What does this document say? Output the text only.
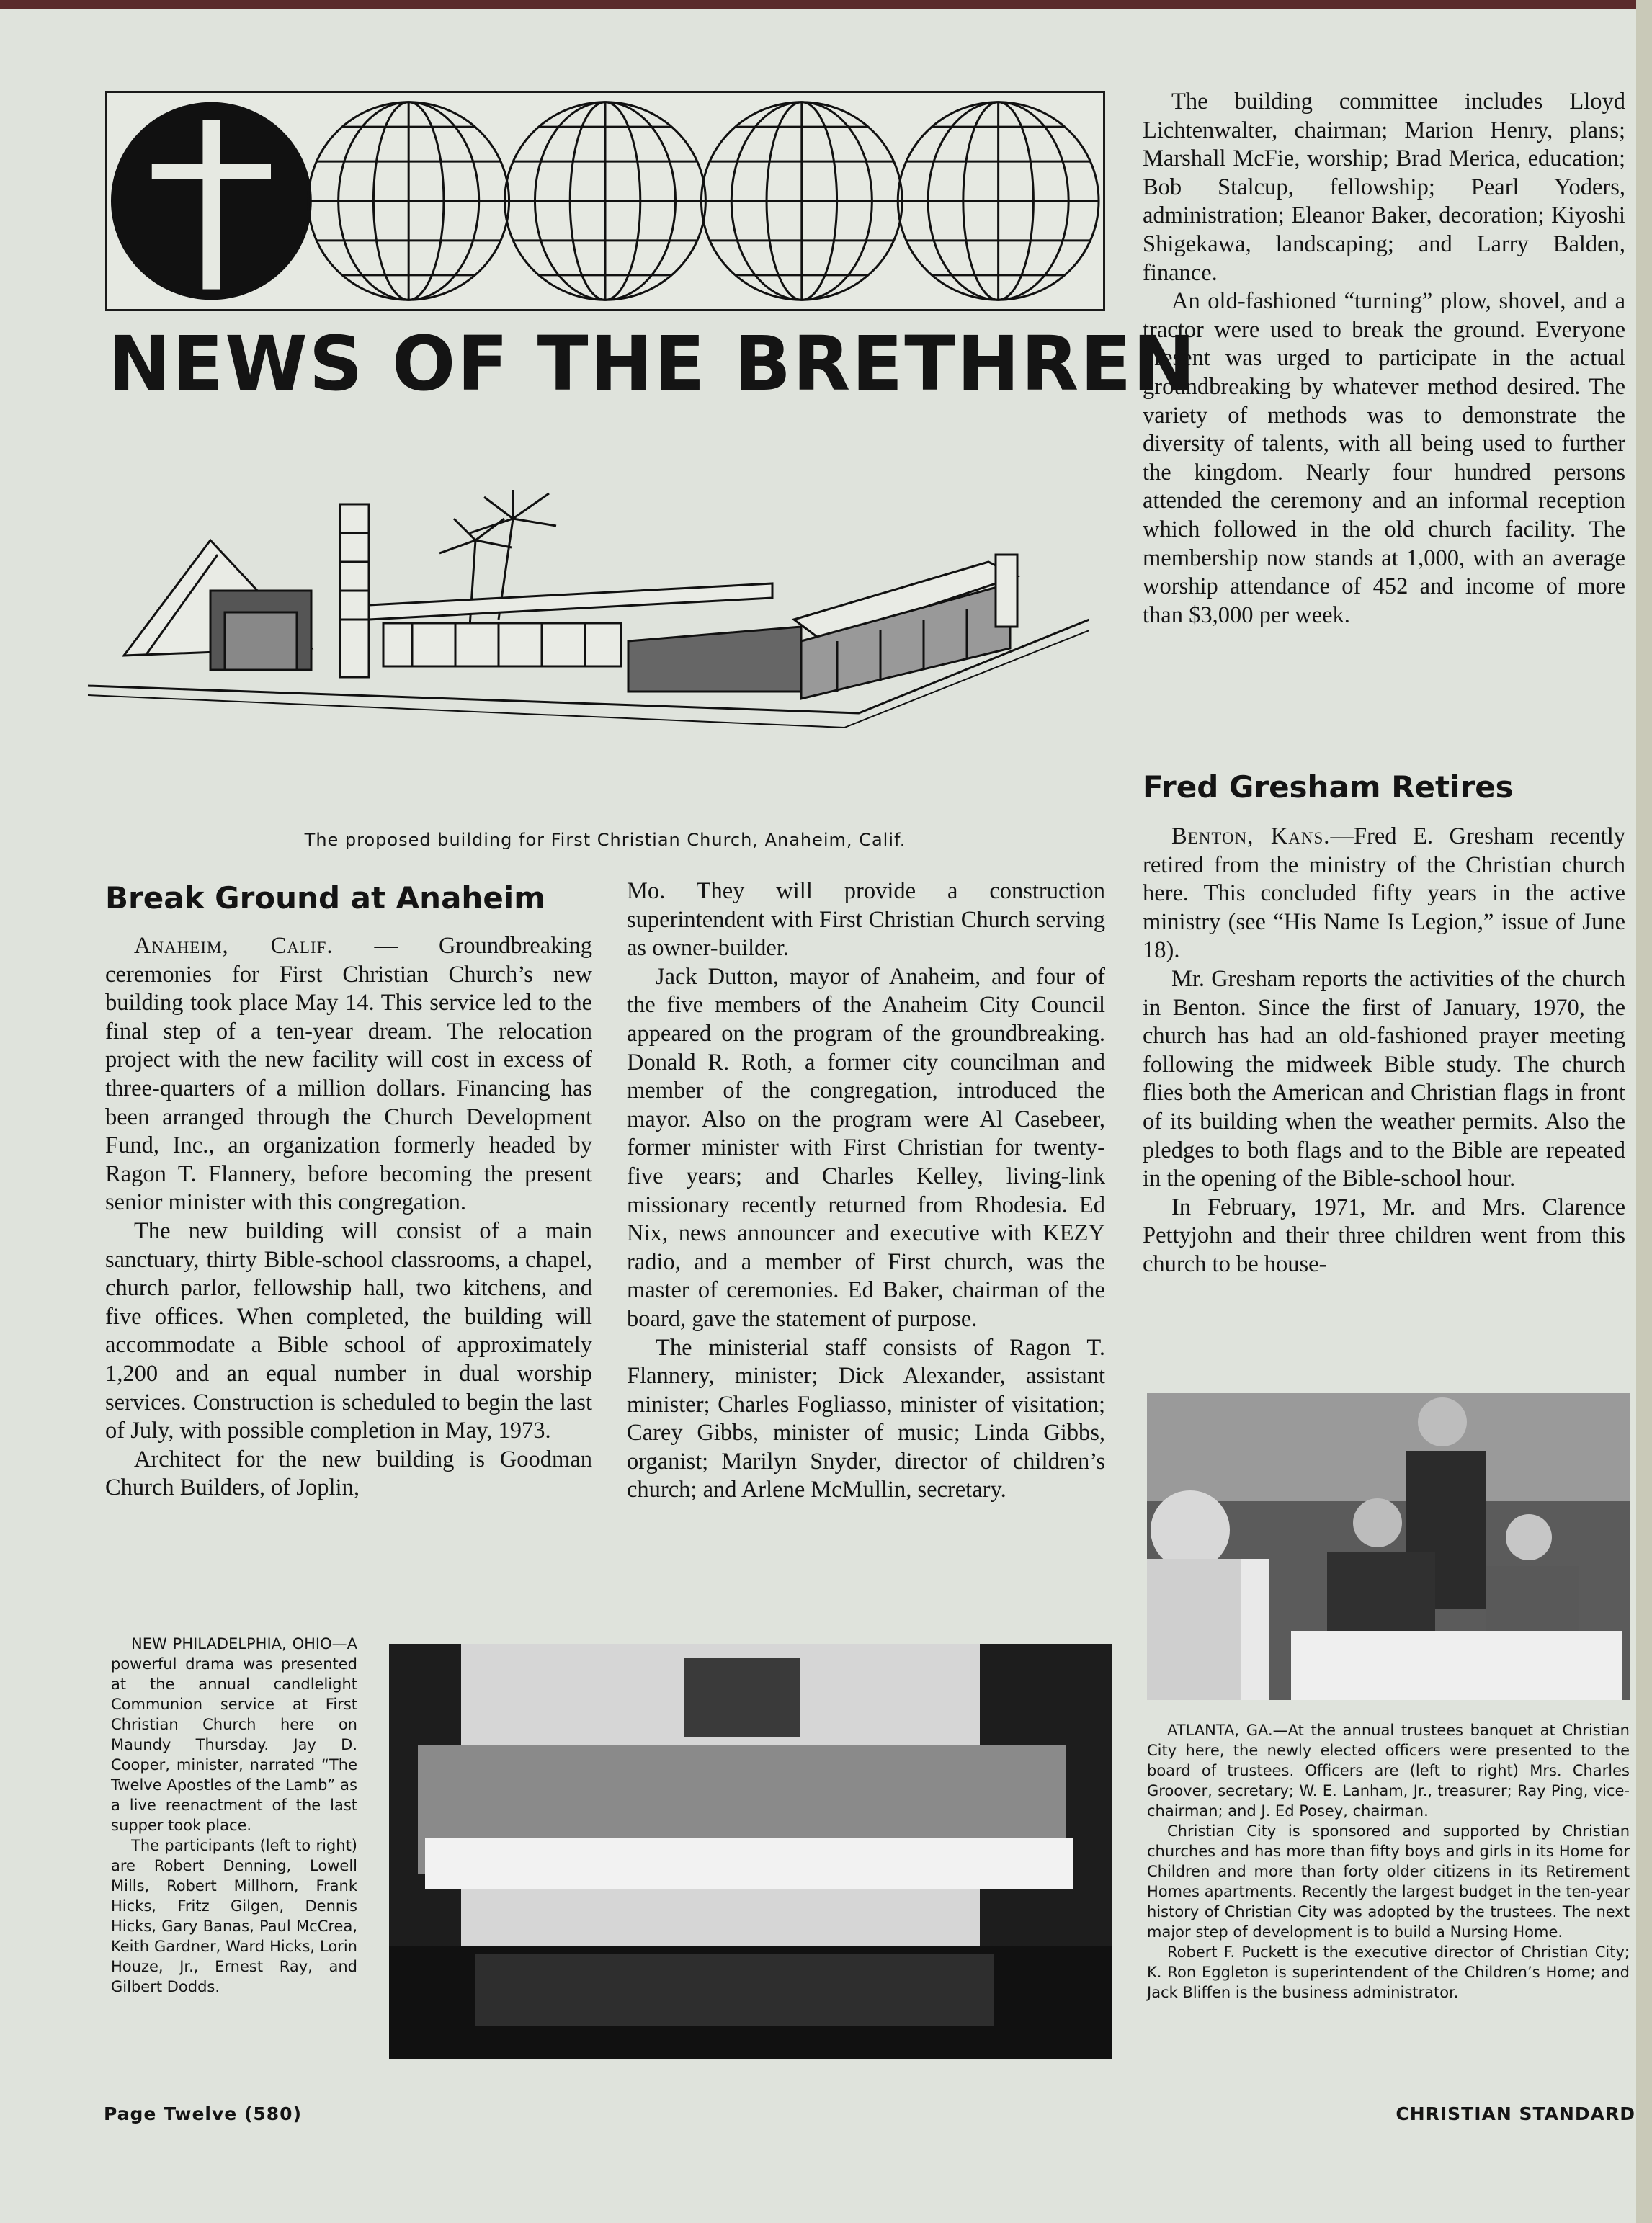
NEWS OF THE BRETHREN
The proposed building for First Christian Church, Anaheim, Calif.
Break Ground at Anaheim

Anaheim, Calif. — Groundbreaking ceremonies for First Christian Church’s new building took place May 14. This service led to the final step of a ten-year dream. The relocation project with the new facility will cost in excess of three-quarters of a million dollars. Financing has been arranged through the Church Development Fund, Inc., an organization formerly headed by Ragon T. Flannery, before becoming the present senior minister with this congregation.

The new building will consist of a main sanctuary, thirty Bible-school classrooms, a chapel, church parlor, fellowship hall, two kitchens, and five offices. When completed, the building will accommodate a Bible school of approximately 1,200 and an equal number in dual worship services. Construction is scheduled to begin the last of July, with possible completion in May, 1973.

Architect for the new building is Goodman Church Builders, of Joplin,

Mo. They will provide a construction superintendent with First Christian Church serving as owner-builder.

Jack Dutton, mayor of Anaheim, and four of the five members of the Anaheim City Council appeared on the program of the groundbreaking. Donald R. Roth, a former city councilman and member of the congregation, introduced the mayor. Also on the program were Al Casebeer, former minister with First Christian for twenty-five years; and Charles Kelley, living-link missionary recently returned from Rhodesia. Ed Nix, news announcer and executive with KEZY radio, and a member of First church, was the master of ceremonies. Ed Baker, chairman of the board, gave the statement of purpose.

The ministerial staff consists of Ragon T. Flannery, minister; Dick Alexander, assistant minister; Charles Fogliasso, minister of visitation; Carey Gibbs, minister of music; Linda Gibbs, organist; Marilyn Snyder, director of children’s church; and Arlene McMullin, secretary.

The building committee includes Lloyd Lichtenwalter, chairman; Marion Henry, plans; Marshall McFie, worship; Brad Merica, education; Bob Stalcup, fellowship; Pearl Yoders, administration; Eleanor Baker, decoration; Kiyoshi Shigekawa, landscaping; and Larry Balden, finance.

An old-fashioned “turning” plow, shovel, and a tractor were used to break the ground. Everyone present was urged to participate in the actual groundbreaking by whatever method desired. The variety of methods was to demonstrate the diversity of talents, with all being used to further the kingdom. Nearly four hundred persons attended the ceremony and an informal reception which followed in the old church facility. The membership now stands at 1,000, with an average worship attendance of 452 and income of more than $3,000 per week.

Fred Gresham Retires

Benton, Kans.—Fred E. Gresham recently retired from the ministry of the Christian church here. This concluded fifty years in the active ministry (see “His Name Is Legion,” issue of June 18).

Mr. Gresham reports the activities of the church in Benton. Since the first of January, 1970, the church has had an old-fashioned prayer meeting following the midweek Bible study. The church flies both the American and Christian flags in front of its building when the weather permits. Also the pledges to both flags and to the Bible are repeated in the opening of the Bible-school hour.

In February, 1971, Mr. and Mrs. Clarence Pettyjohn and their three children went from this church to be house-

ATLANTA, GA.—At the annual trustees banquet at Christian City here, the newly elected officers were presented to the board of trustees. Officers are (left to right) Mrs. Charles Groover, secretary; W. E. Lanham, Jr., treasurer; Ray Ping, vice-chairman; and J. Ed Posey, chairman.

Christian City is sponsored and supported by Christian churches and has more than fifty boys and girls in its Home for Children and more than forty older citizens in its Retirement Homes apartments. Recently the largest budget in the ten-year history of Christian City was adopted by the trustees. The next major step of development is to build a Nursing Home.

Robert F. Puckett is the executive director of Christian City; K. Ron Eggleton is superintendent of the Children’s Home; and Jack Bliffen is the business administrator.

NEW PHILADELPHIA, OHIO—A powerful drama was presented at the annual candlelight Communion service at First Christian Church here on Maundy Thursday. Jay D. Cooper, minister, narrated “The Twelve Apostles of the Lamb” as a live reenactment of the last supper took place.

The participants (left to right) are Robert Denning, Lowell Mills, Robert Millhorn, Frank Hicks, Fritz Gilgen, Dennis Hicks, Gary Banas, Paul McCrea, Keith Gardner, Ward Hicks, Lorin Houze, Jr., Ernest Ray, and Gilbert Dodds.

Page Twelve (580)	CHRISTIAN STANDARD
